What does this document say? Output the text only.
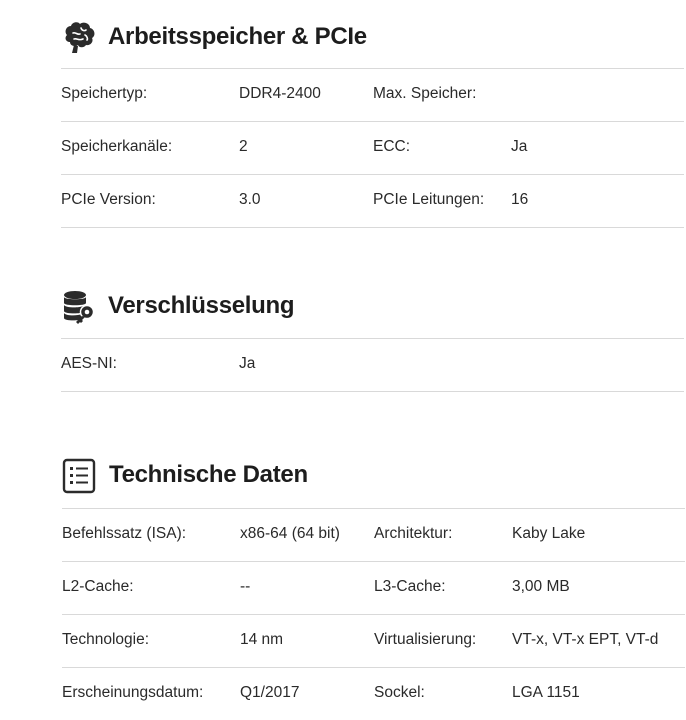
Arbeitsspeicher & PCIe
Speichertyp:	DDR4-2400	Max. Speicher:
Speicherkanäle:	2	ECC:	Ja
PCIe Version:	3.0	PCIe Leitungen: 16
Verschlüsselung
AES-NI:	Ja
Technische Daten
Befehlssatz (ISA):	x86-64 (64 bit) Architektur:	Kaby Lake
L2-Cache:	--	L3-Cache:	3,00 MB
Technologie:	14 nm	Virtualisierung: VT-x, VT-x EPT, VT-d
Erscheinungsdatum: Q1/2017	Sockel:	LGA 1151
